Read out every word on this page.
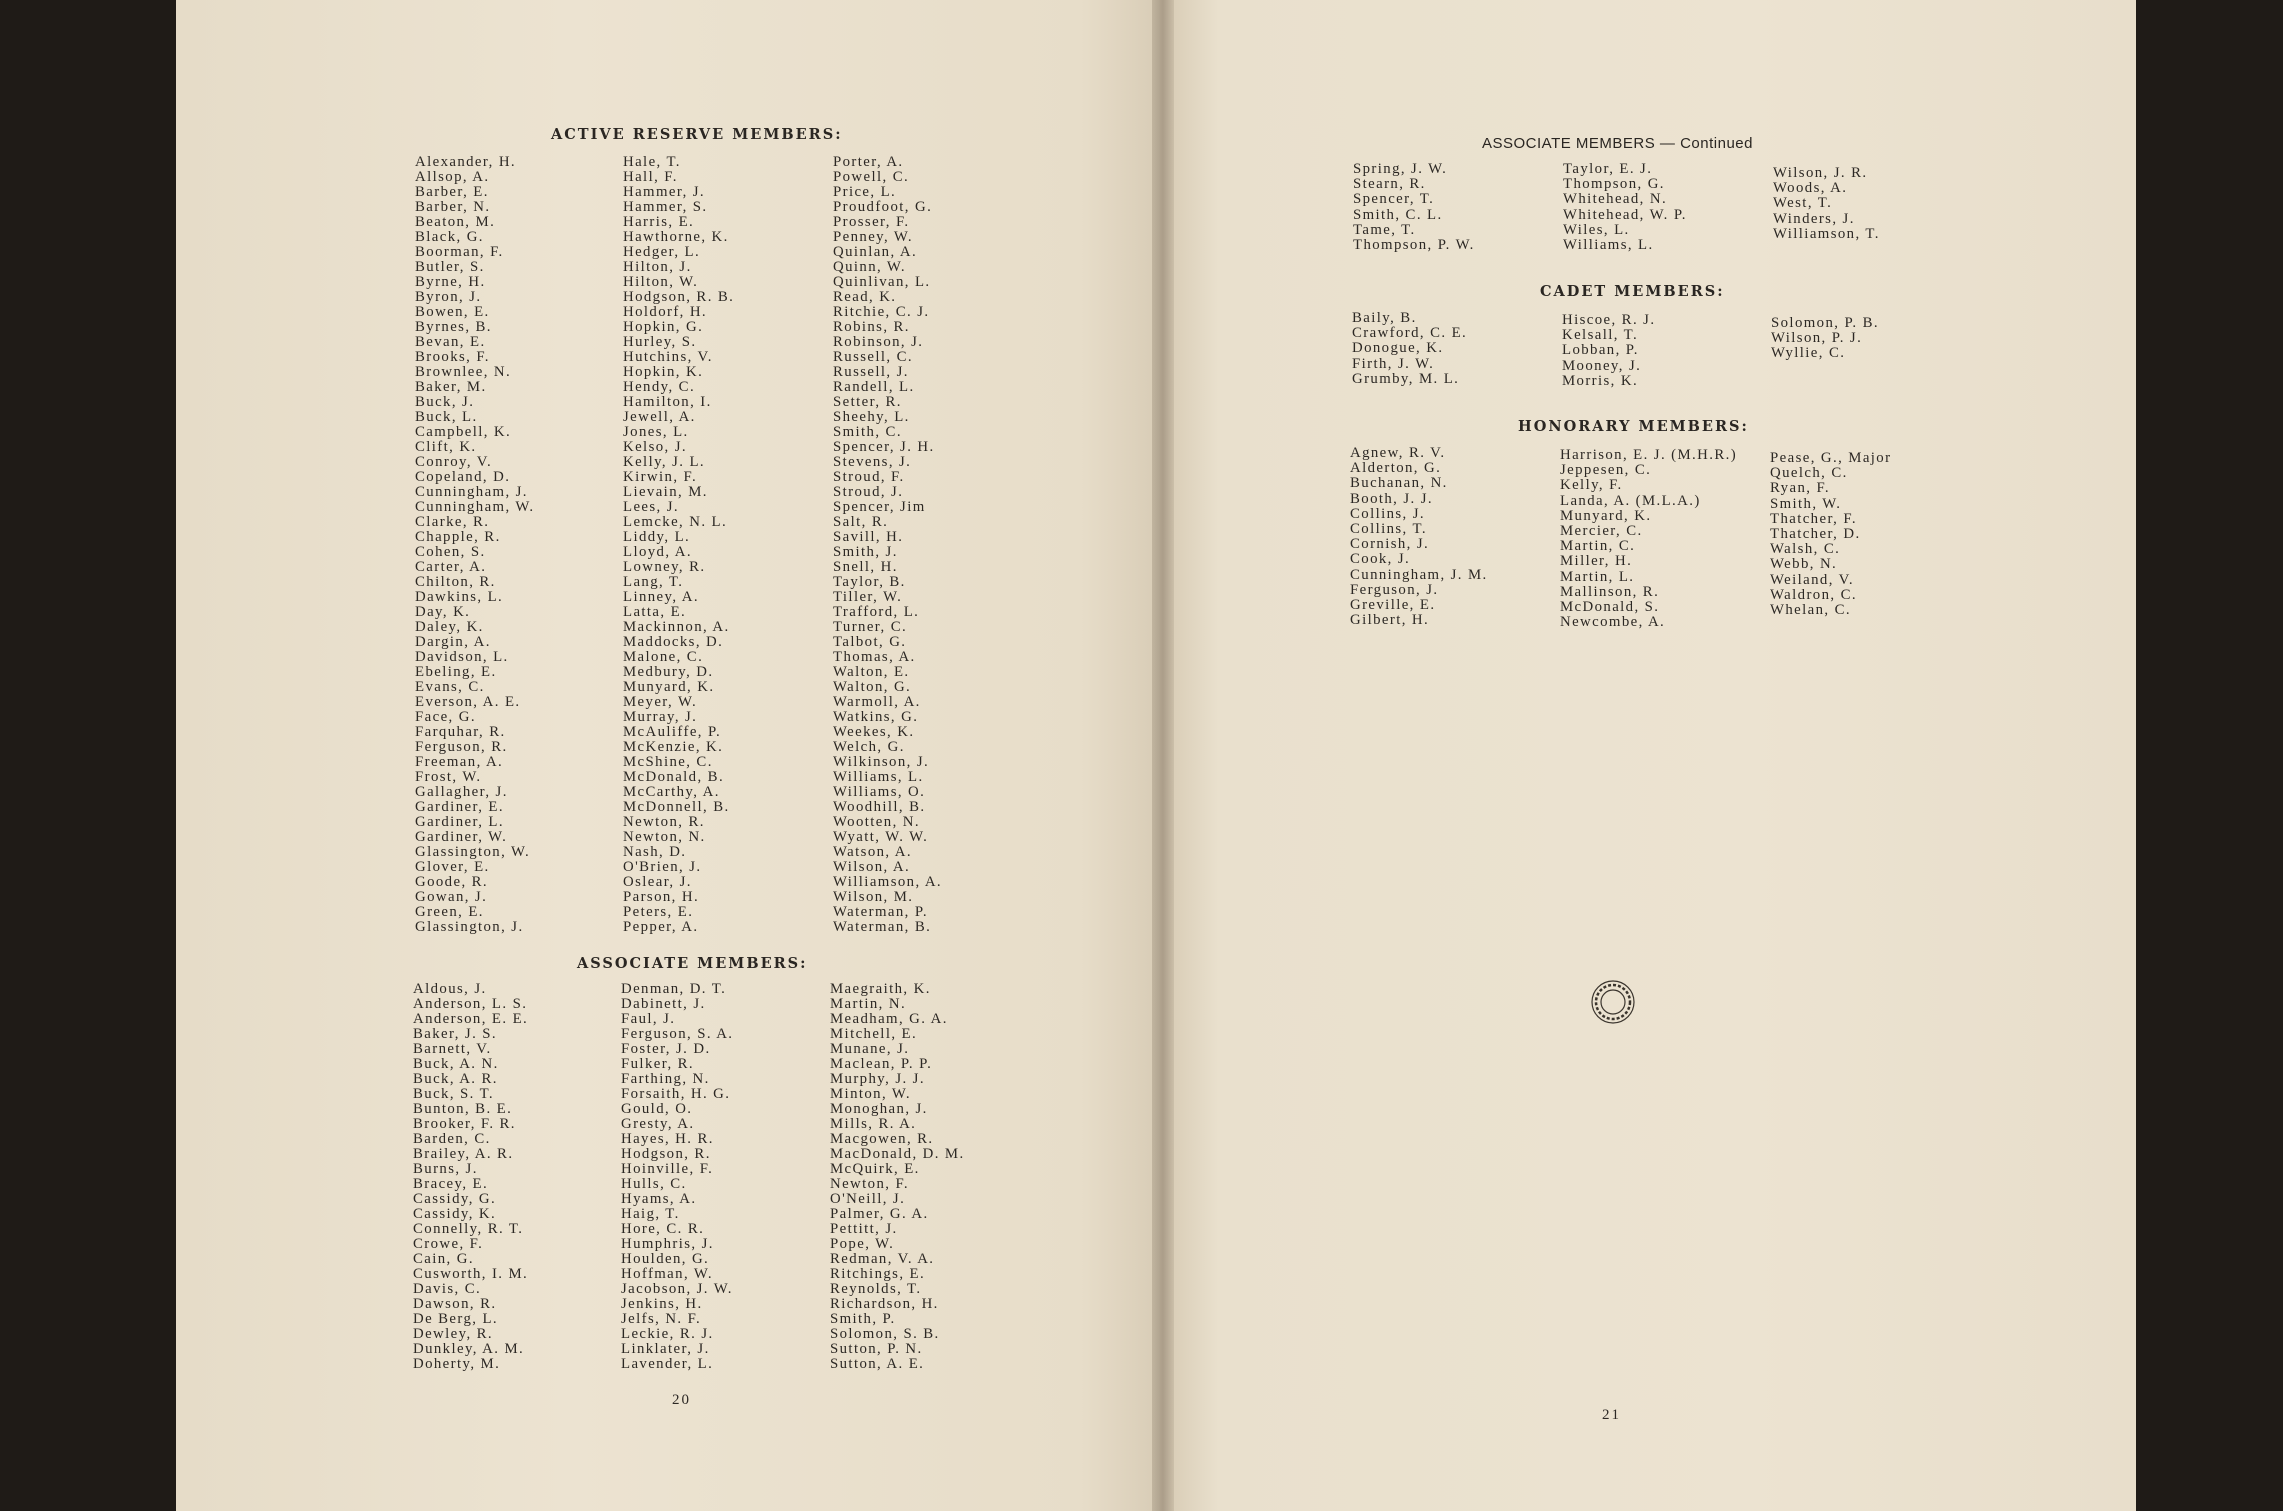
ACTIVE RESERVE MEMBERS:
Alexander, H.
Allsop, A.
Barber, E.
Barber, N.
Beaton, M.
Black, G.
Boorman, F.
Butler, S.
Byrne, H.
Byron, J.
Bowen, E.
Byrnes, B.
Bevan, E.
Brooks, F.
Brownlee, N.
Baker, M.
Buck, J.
Buck, L.
Campbell, K.
Clift, K.
Conroy, V.
Copeland, D.
Cunningham, J.
Cunningham, W.
Clarke, R.
Chapple, R.
Cohen, S.
Carter, A.
Chilton, R.
Dawkins, L.
Day, K.
Daley, K.
Dargin, A.
Davidson, L.
Ebeling, E.
Evans, C.
Everson, A. E.
Face, G.
Farquhar, R.
Ferguson, R.
Freeman, A.
Frost, W.
Gallagher, J.
Gardiner, E.
Gardiner, L.
Gardiner, W.
Glassington, W.
Glover, E.
Goode, R.
Gowan, J.
Green, E.
Glassington, J.
Hale, T.
Hall, F.
Hammer, J.
Hammer, S.
Harris, E.
Hawthorne, K.
Hedger, L.
Hilton, J.
Hilton, W.
Hodgson, R. B.
Holdorf, H.
Hopkin, G.
Hurley, S.
Hutchins, V.
Hopkin, K.
Hendy, C.
Hamilton, I.
Jewell, A.
Jones, L.
Kelso, J.
Kelly, J. L.
Kirwin, F.
Lievain, M.
Lees, J.
Lemcke, N. L.
Liddy, L.
Lloyd, A.
Lowney, R.
Lang, T.
Linney, A.
Latta, E.
Mackinnon, A.
Maddocks, D.
Malone, C.
Medbury, D.
Munyard, K.
Meyer, W.
Murray, J.
McAuliffe, P.
McKenzie, K.
McShine, C.
McDonald, B.
McCarthy, A.
McDonnell, B.
Newton, R.
Newton, N.
Nash, D.
O'Brien, J.
Oslear, J.
Parson, H.
Peters, E.
Pepper, A.
Porter, A.
Powell, C.
Price, L.
Proudfoot, G.
Prosser, F.
Penney, W.
Quinlan, A.
Quinn, W.
Quinlivan, L.
Read, K.
Ritchie, C. J.
Robins, R.
Robinson, J.
Russell, C.
Russell, J.
Randell, L.
Setter, R.
Sheehy, L.
Smith, C.
Spencer, J. H.
Stevens, J.
Stroud, F.
Stroud, J.
Spencer, Jim
Salt, R.
Savill, H.
Smith, J.
Snell, H.
Taylor, B.
Tiller, W.
Trafford, L.
Turner, C.
Talbot, G.
Thomas, A.
Walton, E.
Walton, G.
Warmoll, A.
Watkins, G.
Weekes, K.
Welch, G.
Wilkinson, J.
Williams, L.
Williams, O.
Woodhill, B.
Wootten, N.
Wyatt, W. W.
Watson, A.
Wilson, A.
Williamson, A.
Wilson, M.
Waterman, P.
Waterman, B.
ASSOCIATE MEMBERS:
Aldous, J.
Anderson, L. S.
Anderson, E. E.
Baker, J. S.
Barnett, V.
Buck, A. N.
Buck, A. R.
Buck, S. T.
Bunton, B. E.
Brooker, F. R.
Barden, C.
Brailey, A. R.
Burns, J.
Bracey, E.
Cassidy, G.
Cassidy, K.
Connelly, R. T.
Crowe, F.
Cain, G.
Cusworth, I. M.
Davis, C.
Dawson, R.
De Berg, L.
Dewley, R.
Dunkley, A. M.
Doherty, M.
Denman, D. T.
Dabinett, J.
Faul, J.
Ferguson, S. A.
Foster, J. D.
Fulker, R.
Farthing, N.
Forsaith, H. G.
Gould, O.
Gresty, A.
Hayes, H. R.
Hodgson, R.
Hoinville, F.
Hulls, C.
Hyams, A.
Haig, T.
Hore, C. R.
Humphris, J.
Houlden, G.
Hoffman, W.
Jacobson, J. W.
Jenkins, H.
Jelfs, N. F.
Leckie, R. J.
Linklater, J.
Lavender, L.
Maegraith, K.
Martin, N.
Meadham, G. A.
Mitchell, E.
Munane, J.
Maclean, P. P.
Murphy, J. J.
Minton, W.
Monoghan, J.
Mills, R. A.
Macgowen, R.
MacDonald, D. M.
McQuirk, E.
Newton, F.
O'Neill, J.
Palmer, G. A.
Pettitt, J.
Pope, W.
Redman, V. A.
Ritchings, E.
Reynolds, T.
Richardson, H.
Smith, P.
Solomon, S. B.
Sutton, P. N.
Sutton, A. E.
20
ASSOCIATE MEMBERS — Continued
Spring, J. W.
Stearn, R.
Spencer, T.
Smith, C. L.
Tame, T.
Thompson, P. W.
Taylor, E. J.
Thompson, G.
Whitehead, N.
Whitehead, W. P.
Wiles, L.
Williams, L.
Wilson, J. R.
Woods, A.
West, T.
Winders, J.
Williamson, T.
CADET MEMBERS:
Baily, B.
Crawford, C. E.
Donogue, K.
Firth, J. W.
Grumby, M. L.
Hiscoe, R. J.
Kelsall, T.
Lobban, P.
Mooney, J.
Morris, K.
Solomon, P. B.
Wilson, P. J.
Wyllie, C.
HONORARY MEMBERS:
Agnew, R. V.
Alderton, G.
Buchanan, N.
Booth, J. J.
Collins, J.
Collins, T.
Cornish, J.
Cook, J.
Cunningham, J. M.
Ferguson, J.
Greville, E.
Gilbert, H.
Harrison, E. J. (M.H.R.)
Jeppesen, C.
Kelly, F.
Landa, A. (M.L.A.)
Munyard, K.
Mercier, C.
Martin, C.
Miller, H.
Martin, L.
Mallinson, R.
McDonald, S.
Newcombe, A.
Pease, G., Major
Quelch, C.
Ryan, F.
Smith, W.
Thatcher, F.
Thatcher, D.
Walsh, C.
Webb, N.
Weiland, V.
Waldron, C.
Whelan, C.
21
